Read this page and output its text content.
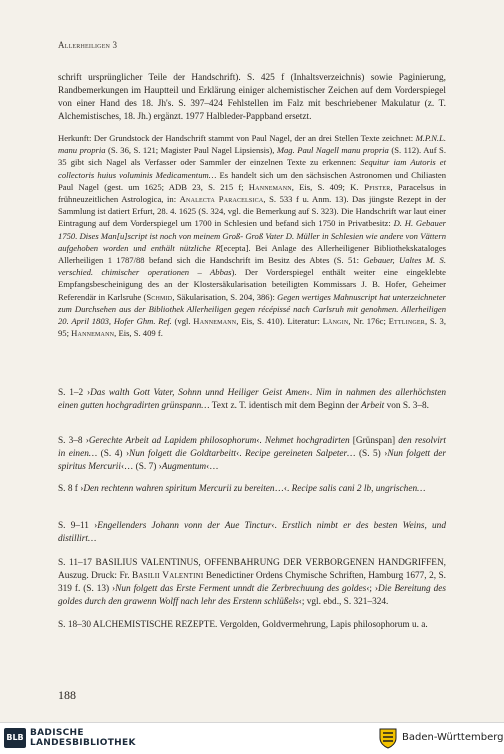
Allerheiligen 3

schrift ursprünglicher Teile der Handschrift). S. 425 f (Inhaltsverzeichnis) sowie Paginierung, Randbemerkungen im Hauptteil und Erklärung einiger alchemistischer Zeichen auf dem Vorderspiegel von einer Hand des 18. Jh's. S. 397–424 Fehlstellen im Falz mit beschriebener Makulatur (z. T. Alchemistisches, 18. Jh.) ergänzt. 1977 Halbleder-Pappband ersetzt.

Herkunft: Der Grundstock der Handschrift stammt von Paul Nagel, der an drei Stellen Texte zeichnet: M.P.N.L. manu propria (S. 36, S. 121; Magister Paul Nagel Lipsiensis), Mag. Paul Nagell manu propria (S. 112). Auf S. 35 gibt sich Nagel als Verfasser oder Sammler der einzelnen Texte zu erkennen: Sequitur iam Autoris et collectoris huius voluminis Medicamentum… Es handelt sich um den sächsischen Astronomen und Chiliasten Paul Nagel (gest. um 1625; ADB 23, S. 215 f; Hannemann, Eis, S. 409; K. Pfister, Paracelsus in frühneuzeitlichen Astrologica, in: Analecta Paracelsica, S. 533 f u. Anm. 13). Das jüngste Rezept in der Sammlung ist datiert Erfurt, 28. 4. 1625 (S. 324, vgl. die Bemerkung auf S. 323). Die Handschrift war laut einer Eintragung auf dem Vorderspiegel um 1700 in Schlesien und befand sich 1750 in Privatbesitz: D. H. Gebauer 1750. Dises Man[u]script ist noch von meinem Groß- Groß Vater D. Müller in Schlesien wie andere von Vättern aufgehoben worden und enthält nützliche R[ecepta]. Bei Anlage des Allerheiligener Bibliothekskataloges Allerheiligen 1 1787/88 befand sich die Handschrift im Besitz des Abtes (S. 51: Gebauer, Ualtes M. S. verschied. chimischer operationen – Abbas). Der Vorderspiegel enthält weiter eine eingeklebte Empfangsbescheinigung des an der Klostersäkularisation beteiligten Kommissars J. B. Hofer, Geheimer Referendär in Karlsruhe (Schmid, Säkularisation, S. 204, 386): Gegen wertiges Mahnuscript hat unterzeichneter zum Durchsehen aus der Bibliothek Allerheiligen gegen récépissé nach Carlsruh mit genohmen. Allerheiligen 20. April 1803, Hofer Ghm. Ref. (vgl. Hannemann, Eis, S. 410). Literatur: Längin, Nr. 176c; Ettlinger, S. 3, 95; Hannemann, Eis, S. 409 f.

S. 1–2 ›Das walth Gott Vater, Sohnn unnd Heiliger Geist Amen‹. Nim in nahmen des allerhöchsten einen gutten hochgradirten grünspann… Text z. T. identisch mit dem Beginn der Arbeit von S. 3–8.

S. 3–8 ›Gerechte Arbeit ad Lapidem philosophorum‹. Nehmet hochgradirten [Grünspan] den resolvirt in einen… (S. 4) ›Nun folgett die Goldtarbeitt‹. Recipe gereineten Salpeter… (S. 5) ›Nun folgett der spiritus Mercurii‹… (S. 7) ›Augmentum‹…

S. 8 f ›Den rechtenn wahren spiritum Mercurii zu bereiten…‹. Recipe salis cani 2 lb, ungrischen…

S. 9–11 ›Engellenders Johann vonn der Aue Tinctur‹. Erstlich nimbt er des besten Weins, und distillirt…

S. 11–17 BASILIUS VALENTINUS, OFFENBAHRUNG DER VERBORGENEN HANDGRIFFEN, Auszug. Druck: Fr. Basilii Valentini Benedictiner Ordens Chymische Schriften, Hamburg 1677, 2, S. 319 f. (S. 13) ›Nun folgett das Erste Ferment unndt die Zerbrechuung des goldes‹; ›Die Bereitung des goldes durch den grawenn Wolff nach lehr des Erstenn schlüßels‹; vgl. ebd., S. 321–324.

S. 18–30 ALCHEMISTISCHE REZEPTE. Vergolden, Goldvermehrung, Lapis philosophorum u. a.

188
BLB BADISCHE
LANDESBIBLIOTHEK	Baden-Württemberg
